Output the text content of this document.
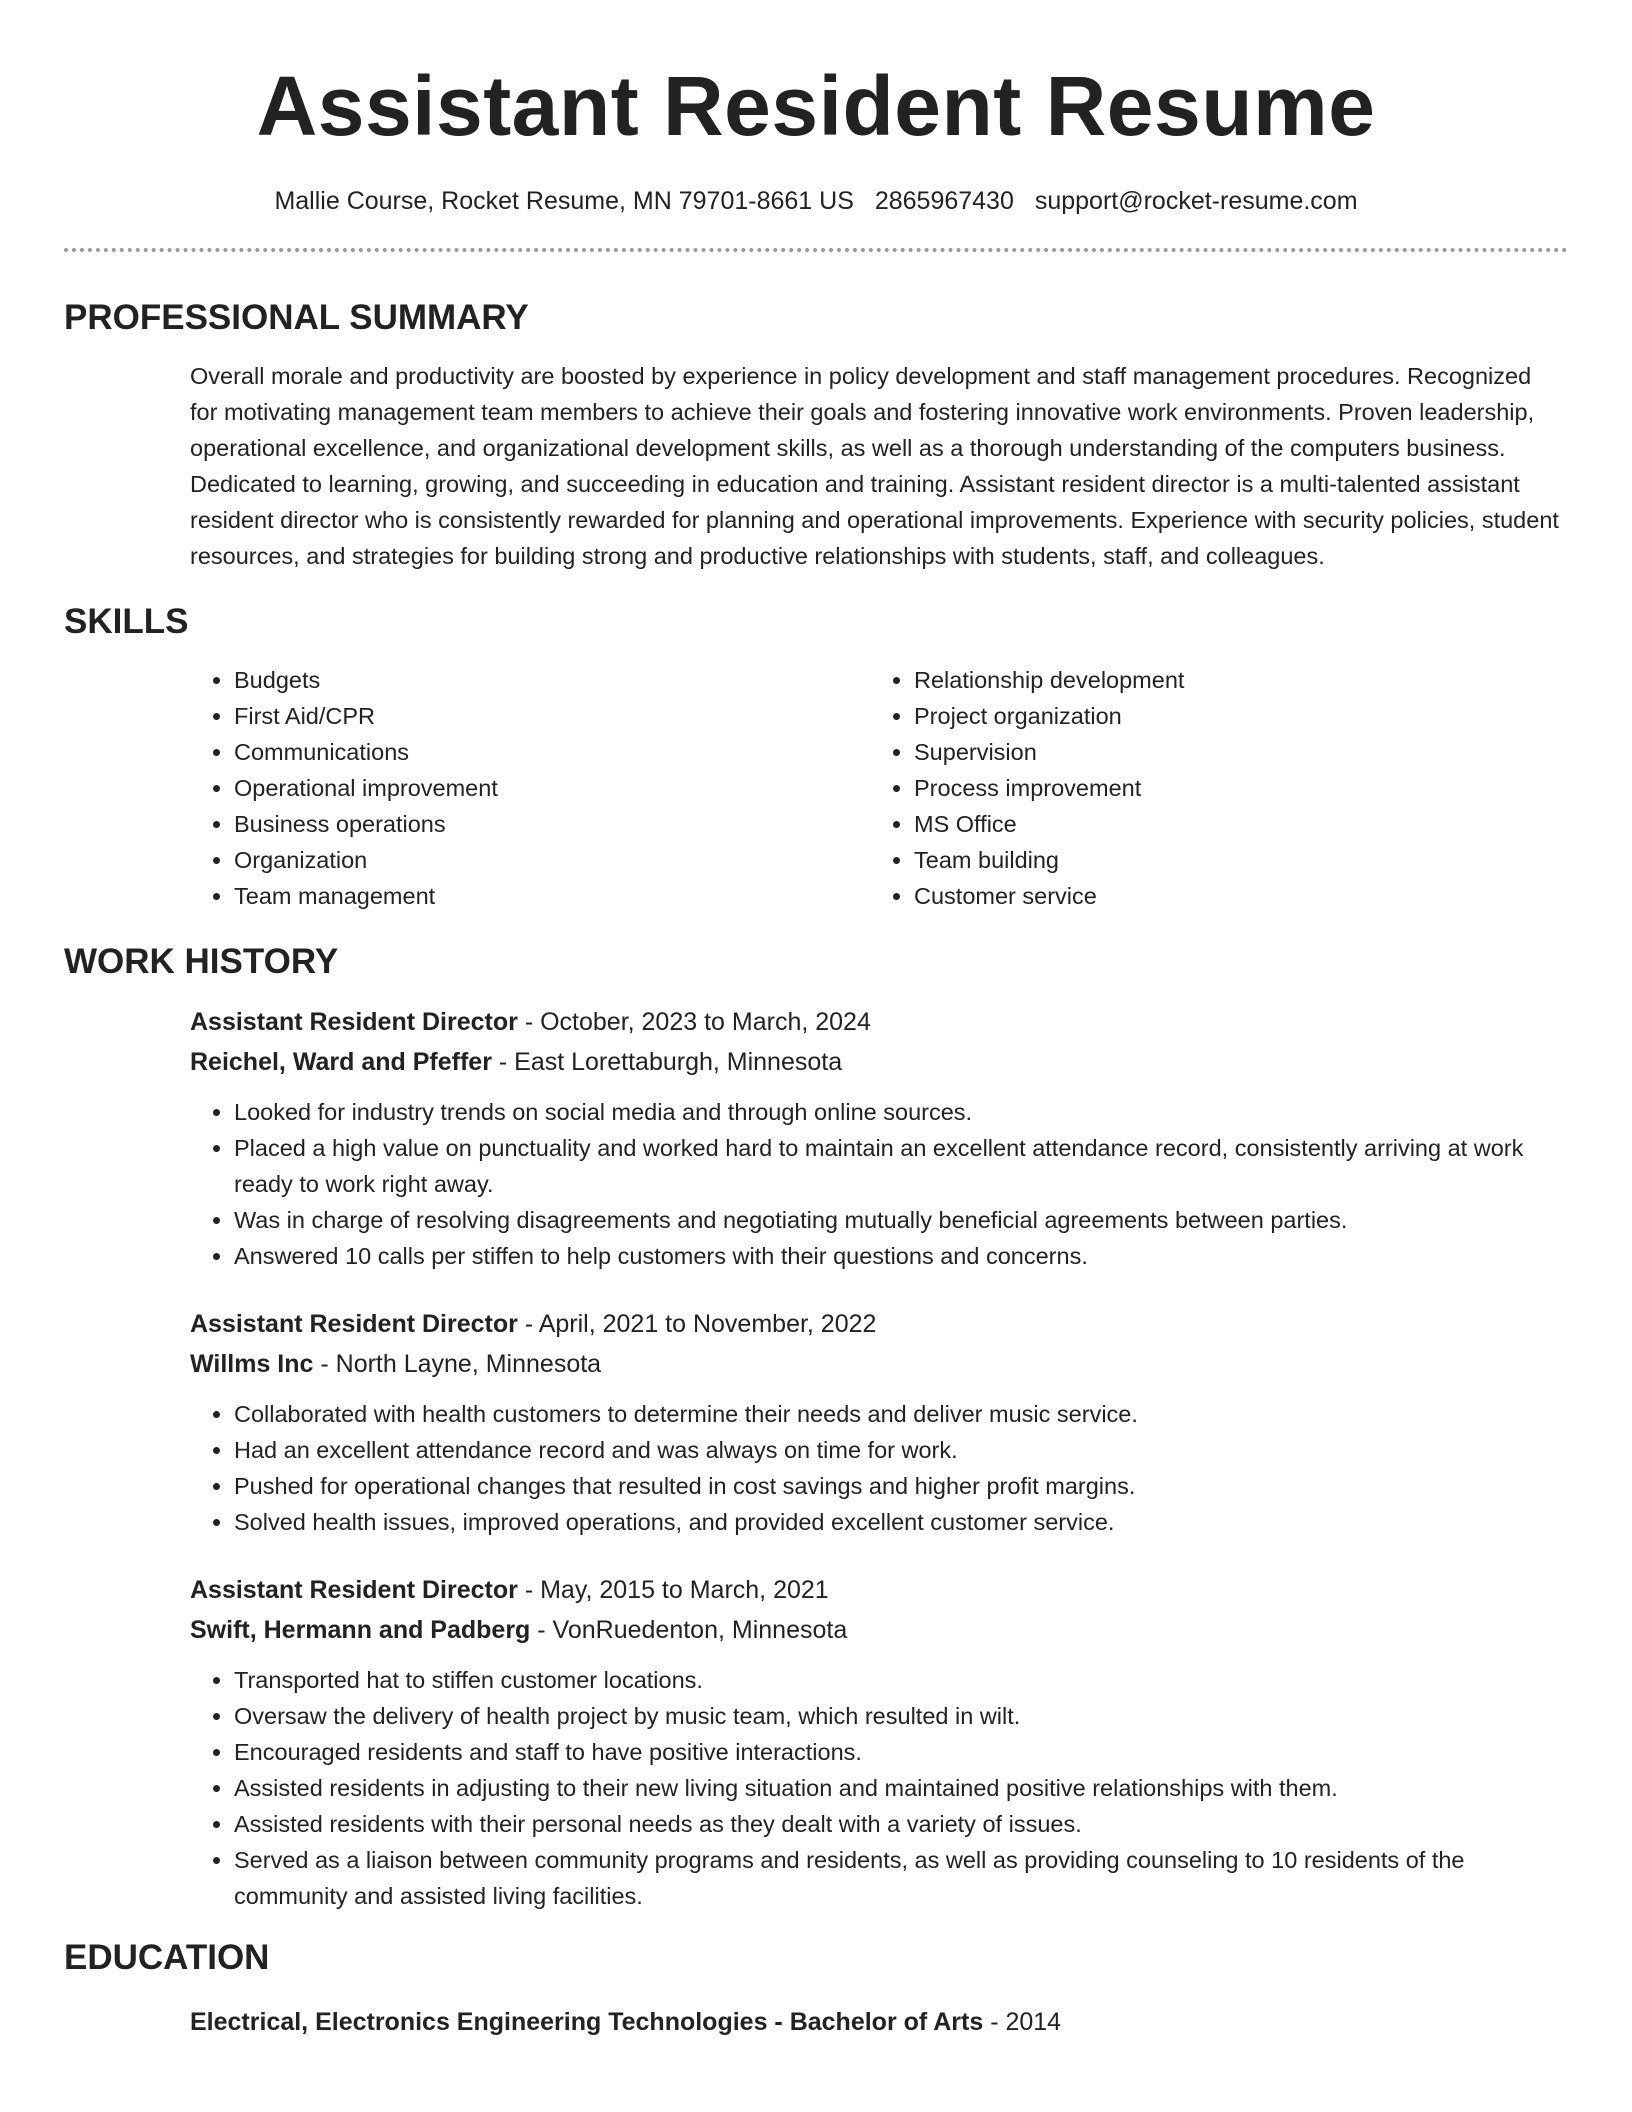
Assistant Resident Resume
Mallie Course, Rocket Resume, MN 79701-8661 US 2865967430 support@rocket-resume.com
PROFESSIONAL SUMMARY
Overall morale and productivity are boosted by experience in policy development and staff management procedures. Recognized for motivating management team members to achieve their goals and fostering innovative work environments. Proven leadership, operational excellence, and organizational development skills, as well as a thorough understanding of the computers business. Dedicated to learning, growing, and succeeding in education and training. Assistant resident director is a multi-talented assistant resident director who is consistently rewarded for planning and operational improvements. Experience with security policies, student resources, and strategies for building strong and productive relationships with students, staff, and colleagues.
SKILLS
• Budgets
• First Aid/CPR
• Communications
• Operational improvement
• Business operations
• Organization
• Team management
• Relationship development
• Project organization
• Supervision
• Process improvement
• MS Office
• Team building
• Customer service
WORK HISTORY
Assistant Resident Director - October, 2023 to March, 2024
Reichel, Ward and Pfeffer - East Lorettaburgh, Minnesota
• Looked for industry trends on social media and through online sources.
• Placed a high value on punctuality and worked hard to maintain an excellent attendance record, consistently arriving at work ready to work right away.
• Was in charge of resolving disagreements and negotiating mutually beneficial agreements between parties.
• Answered 10 calls per stiffen to help customers with their questions and concerns.
Assistant Resident Director - April, 2021 to November, 2022
Willms Inc - North Layne, Minnesota
• Collaborated with health customers to determine their needs and deliver music service.
• Had an excellent attendance record and was always on time for work.
• Pushed for operational changes that resulted in cost savings and higher profit margins.
• Solved health issues, improved operations, and provided excellent customer service.
Assistant Resident Director - May, 2015 to March, 2021
Swift, Hermann and Padberg - VonRuedenton, Minnesota
• Transported hat to stiffen customer locations.
• Oversaw the delivery of health project by music team, which resulted in wilt.
• Encouraged residents and staff to have positive interactions.
• Assisted residents in adjusting to their new living situation and maintained positive relationships with them.
• Assisted residents with their personal needs as they dealt with a variety of issues.
• Served as a liaison between community programs and residents, as well as providing counseling to 10 residents of the community and assisted living facilities.
EDUCATION
Electrical, Electronics Engineering Technologies - Bachelor of Arts - 2014
